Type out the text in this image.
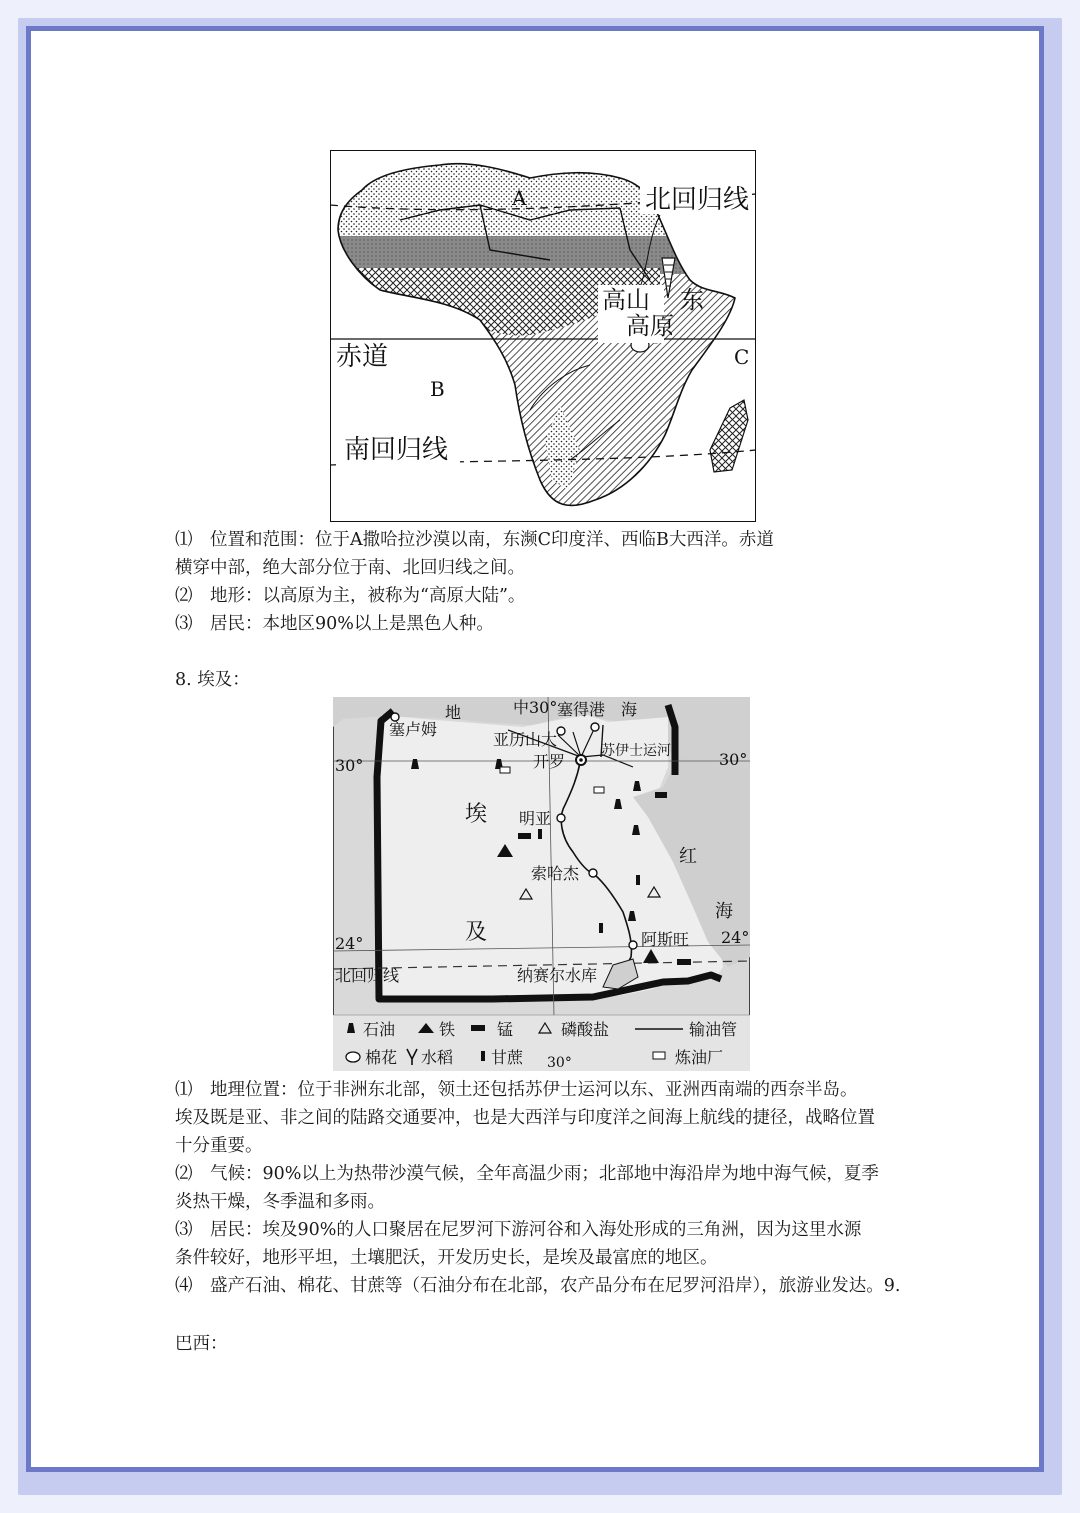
A	北回归线
高山 东
高原
赤道
B
C
南回归线
⑴　位置和范围：位于A撒哈拉沙漠以南，东濒C印度洋、西临B大西洋。赤道
横穿中部，绝大部分位于南、北回归线之间。
⑵　地形：以高原为主，被称为“高原大陆”。
⑶　居民：本地区90%以上是黑色人种。
8. 埃及：
地	中30° 塞得港 海
塞卢姆
亚历山大
苏伊士运河
30°	30°
开罗
明亚
埃
索哈杰
红
海
及
24°	24°
阿斯旺
北回归线	纳赛尔水库
石油	铁	锰	磷酸盐	输油管
棉花 水稻 甘蔗 30°	炼油厂
⑴　地理位置：位于非洲东北部，领土还包括苏伊士运河以东、亚洲西南端的西奈半岛。
埃及既是亚、非之间的陆路交通要冲，也是大西洋与印度洋之间海上航线的捷径，战略位置
十分重要。
⑵　气候：90%以上为热带沙漠气候，全年高温少雨；北部地中海沿岸为地中海气候，夏季
炎热干燥，冬季温和多雨。
⑶　居民：埃及90%的人口聚居在尼罗河下游河谷和入海处形成的三角洲，因为这里水源
条件较好，地形平坦，土壤肥沃，开发历史长，是埃及最富庶的地区。
⑷　盛产石油、棉花、甘蔗等（石油分布在北部，农产品分布在尼罗河沿岸），旅游业发达。9.
巴西：
